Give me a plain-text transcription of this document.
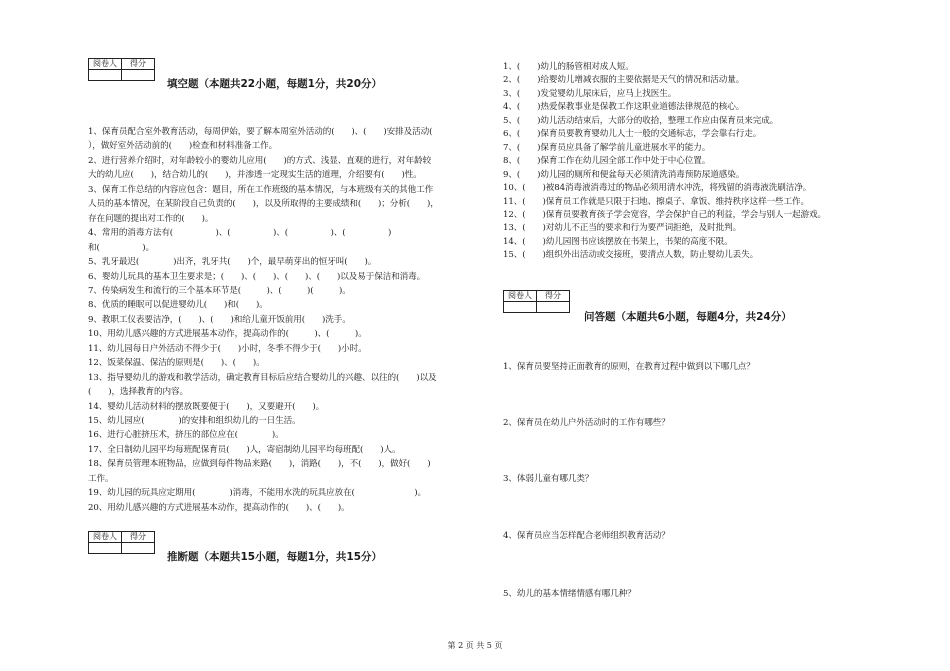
阅卷人	得分

填空题（本题共22小题，每题1分，共20分）
1、保育员配合室外教育活动，每周伊始，要了解本周室外活动的(　　)、(　　)安排及活动(
），做好室外活动前的(　　)检查和材料准备工作。
2、进行营养介绍时，对年龄较小的婴幼儿应用(　　)的方式、浅显、直观的进行，对年龄较
大的幼儿应(　　)，结合幼儿的(　　)，并渗透一定现实生活的道理，介绍要有(　　)性。
3、保育工作总结的内容应包含：题目，所在工作班级的基本情况，与本班级有关的其他工作
人员的基本情况，在某阶段自己负责的(　　)，以及所取得的主要成绩和(　　)；分析(　　)，
存在问题的提出对工作的(　　)。
4、常用的消毒方法有(　　　　　)、(　　　　　)、(　　　　　)、(　　　　　)
和(　　　　　)。
5、乳牙最迟(　　　　)出齐，乳牙共(　　)个，最早萌芽出的恒牙叫(　　)。
6、婴幼儿玩具的基本卫生要求是；(　　)、(　　)、(　　)、(　　)以及易于保洁和消毒。
7、传染病发生和流行的三个基本环节是(　　　)、(　　　)(　　　)。
8、优质的睡眠可以促进婴幼儿(　　)和(　　)。
9、教职工仪表要洁净，(　　)、(　　)和给儿童开饭前用(　　)洗手。
10、用幼儿感兴趣的方式进展基本动作，提高动作的(　　　)、(　　　)。
11、幼儿园每日户外活动不得少于(　　)小时，冬季不得少于(　　)小时。
12、饭菜保温、保洁的原则是(　　)、(　　)。
13、指导婴幼儿的游戏和教学活动，确定教育目标后应结合婴幼儿的兴趣、以往的(　　)以及
(　　)，选择教育的内容。
14、婴幼儿活动材料的摆放既要便于(　　)，又要避开(　　)。
15、幼儿园应(　　　　)的安排和组织幼儿的一日生活。
16、进行心脏挤压术，挤压的部位应在(　　　　)。
17、全日制幼儿园平均每班配保育员(　　)人，寄宿制幼儿园平均每班配(　　)人。
18、保育员管理本班物品，应做到每件物品来路(　　)，消路(　　)，不(　　)，做好(　　)
工作。
19、幼儿园的玩具应定期用(　　　　)消毒，不能用水洗的玩具应放在(　　　　　　　)。
20、用幼儿感兴趣的方式进展基本动作，提高动作的(　　)、(　　)。
阅卷人	得分

推断题（本题共15小题，每题1分，共15分）
1、(　　)幼儿的肠管相对成人短。
2、(　　)给婴幼儿增减衣服的主要依据是天气的情况和活动量。
3、(　　)发觉婴幼儿尿床后，应马上找医生。
4、(　　)热爱保教事业是保教工作这职业道德法律规范的核心。
5、(　　)幼儿活动结束后，大部分的收拾，整理工作应由保育员来完成。
6、(　　)保育员要教育婴幼儿人士一般的交通标志，学会靠右行走。
7、(　　)保育员应具备了解学前儿童进展水平的能力。
8、(　　)保育工作在幼儿园全部工作中处于中心位置。
9、(　　)幼儿园的厕所和便盆每天必须清洗消毒预防尿道感染。
10、(　　)被84消毒液消毒过的物品必须用清水冲洗，将残留的消毒液洗刷洁净。
11、(　　)保育员工作就是只限于扫地、擦桌子、拿饭、维持秩序这样一些工作。
12、(　　)保育员要教育孩子学会宽容，学会保护自己的利益，学会与别人一起游戏。
13、(　　)对幼儿不正当的要求和行为要严词拒绝，及时批判。
14、(　　)幼儿园图书应该摆放在书架上，书架的高度不限。
15、(　　)组织外出活动或交接班，要清点人数，防止婴幼儿丢失。
阅卷人	得分

问答题（本题共6小题，每题4分，共24分）
1、保育员要坚持正面教育的原则，在教育过程中做到以下哪几点？
2、保育员在幼儿户外活动时的工作有哪些？
3、体弱儿童有哪几类？
4、保育员应当怎样配合老师组织教育活动？
5、幼儿的基本情绪情感有哪几种？
第 2 页 共 5 页
